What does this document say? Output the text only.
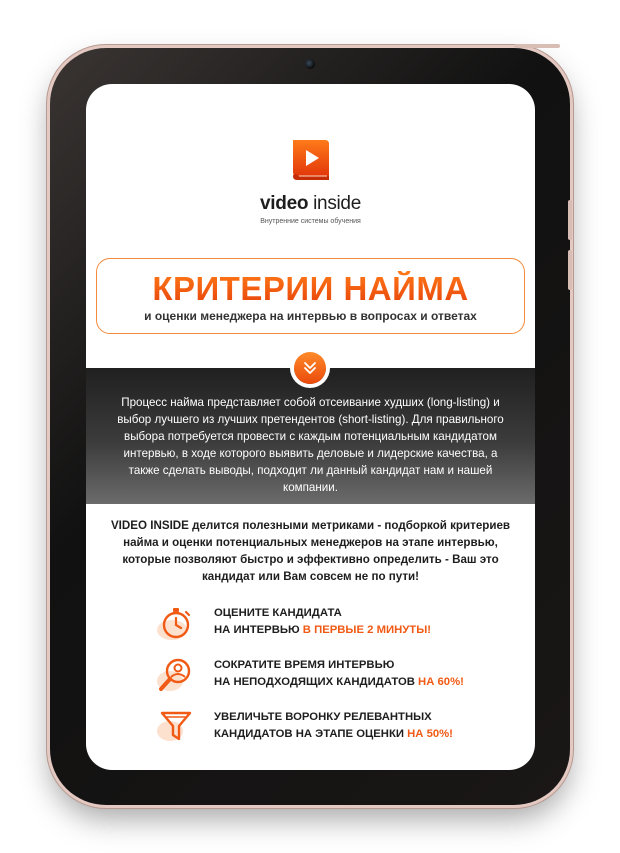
video inside
Внутренние системы обучения
КРИТЕРИИ НАЙМА
и оценки менеджера на интервью в вопросах и ответах
Процесс найма представляет собой отсеивание худших (long-listing) и выбор лучшего из лучших претендентов (short-listing). Для правильного выбора потребуется провести с каждым потенциальным кандидатом интервью, в ходе которого выявить деловые и лидерские качества, а также сделать выводы, подходит ли данный кандидат нам и нашей компании.
VIDEO INSIDE делится полезными метриками - подборкой критериев найма и оценки потенциальных менеджеров на этапе интервью, которые позволяют быстро и эффективно определить - Ваш это кандидат или Вам совсем не по пути!
ОЦЕНИТЕ КАНДИДАТА
НА ИНТЕРВЬЮ В ПЕРВЫЕ 2 МИНУТЫ!
СОКРАТИТЕ ВРЕМЯ ИНТЕРВЬЮ
НА НЕПОДХОДЯЩИХ КАНДИДАТОВ НА 60%!
УВЕЛИЧЬТЕ ВОРОНКУ РЕЛЕВАНТНЫХ
КАНДИДАТОВ НА ЭТАПЕ ОЦЕНКИ НА 50%!
